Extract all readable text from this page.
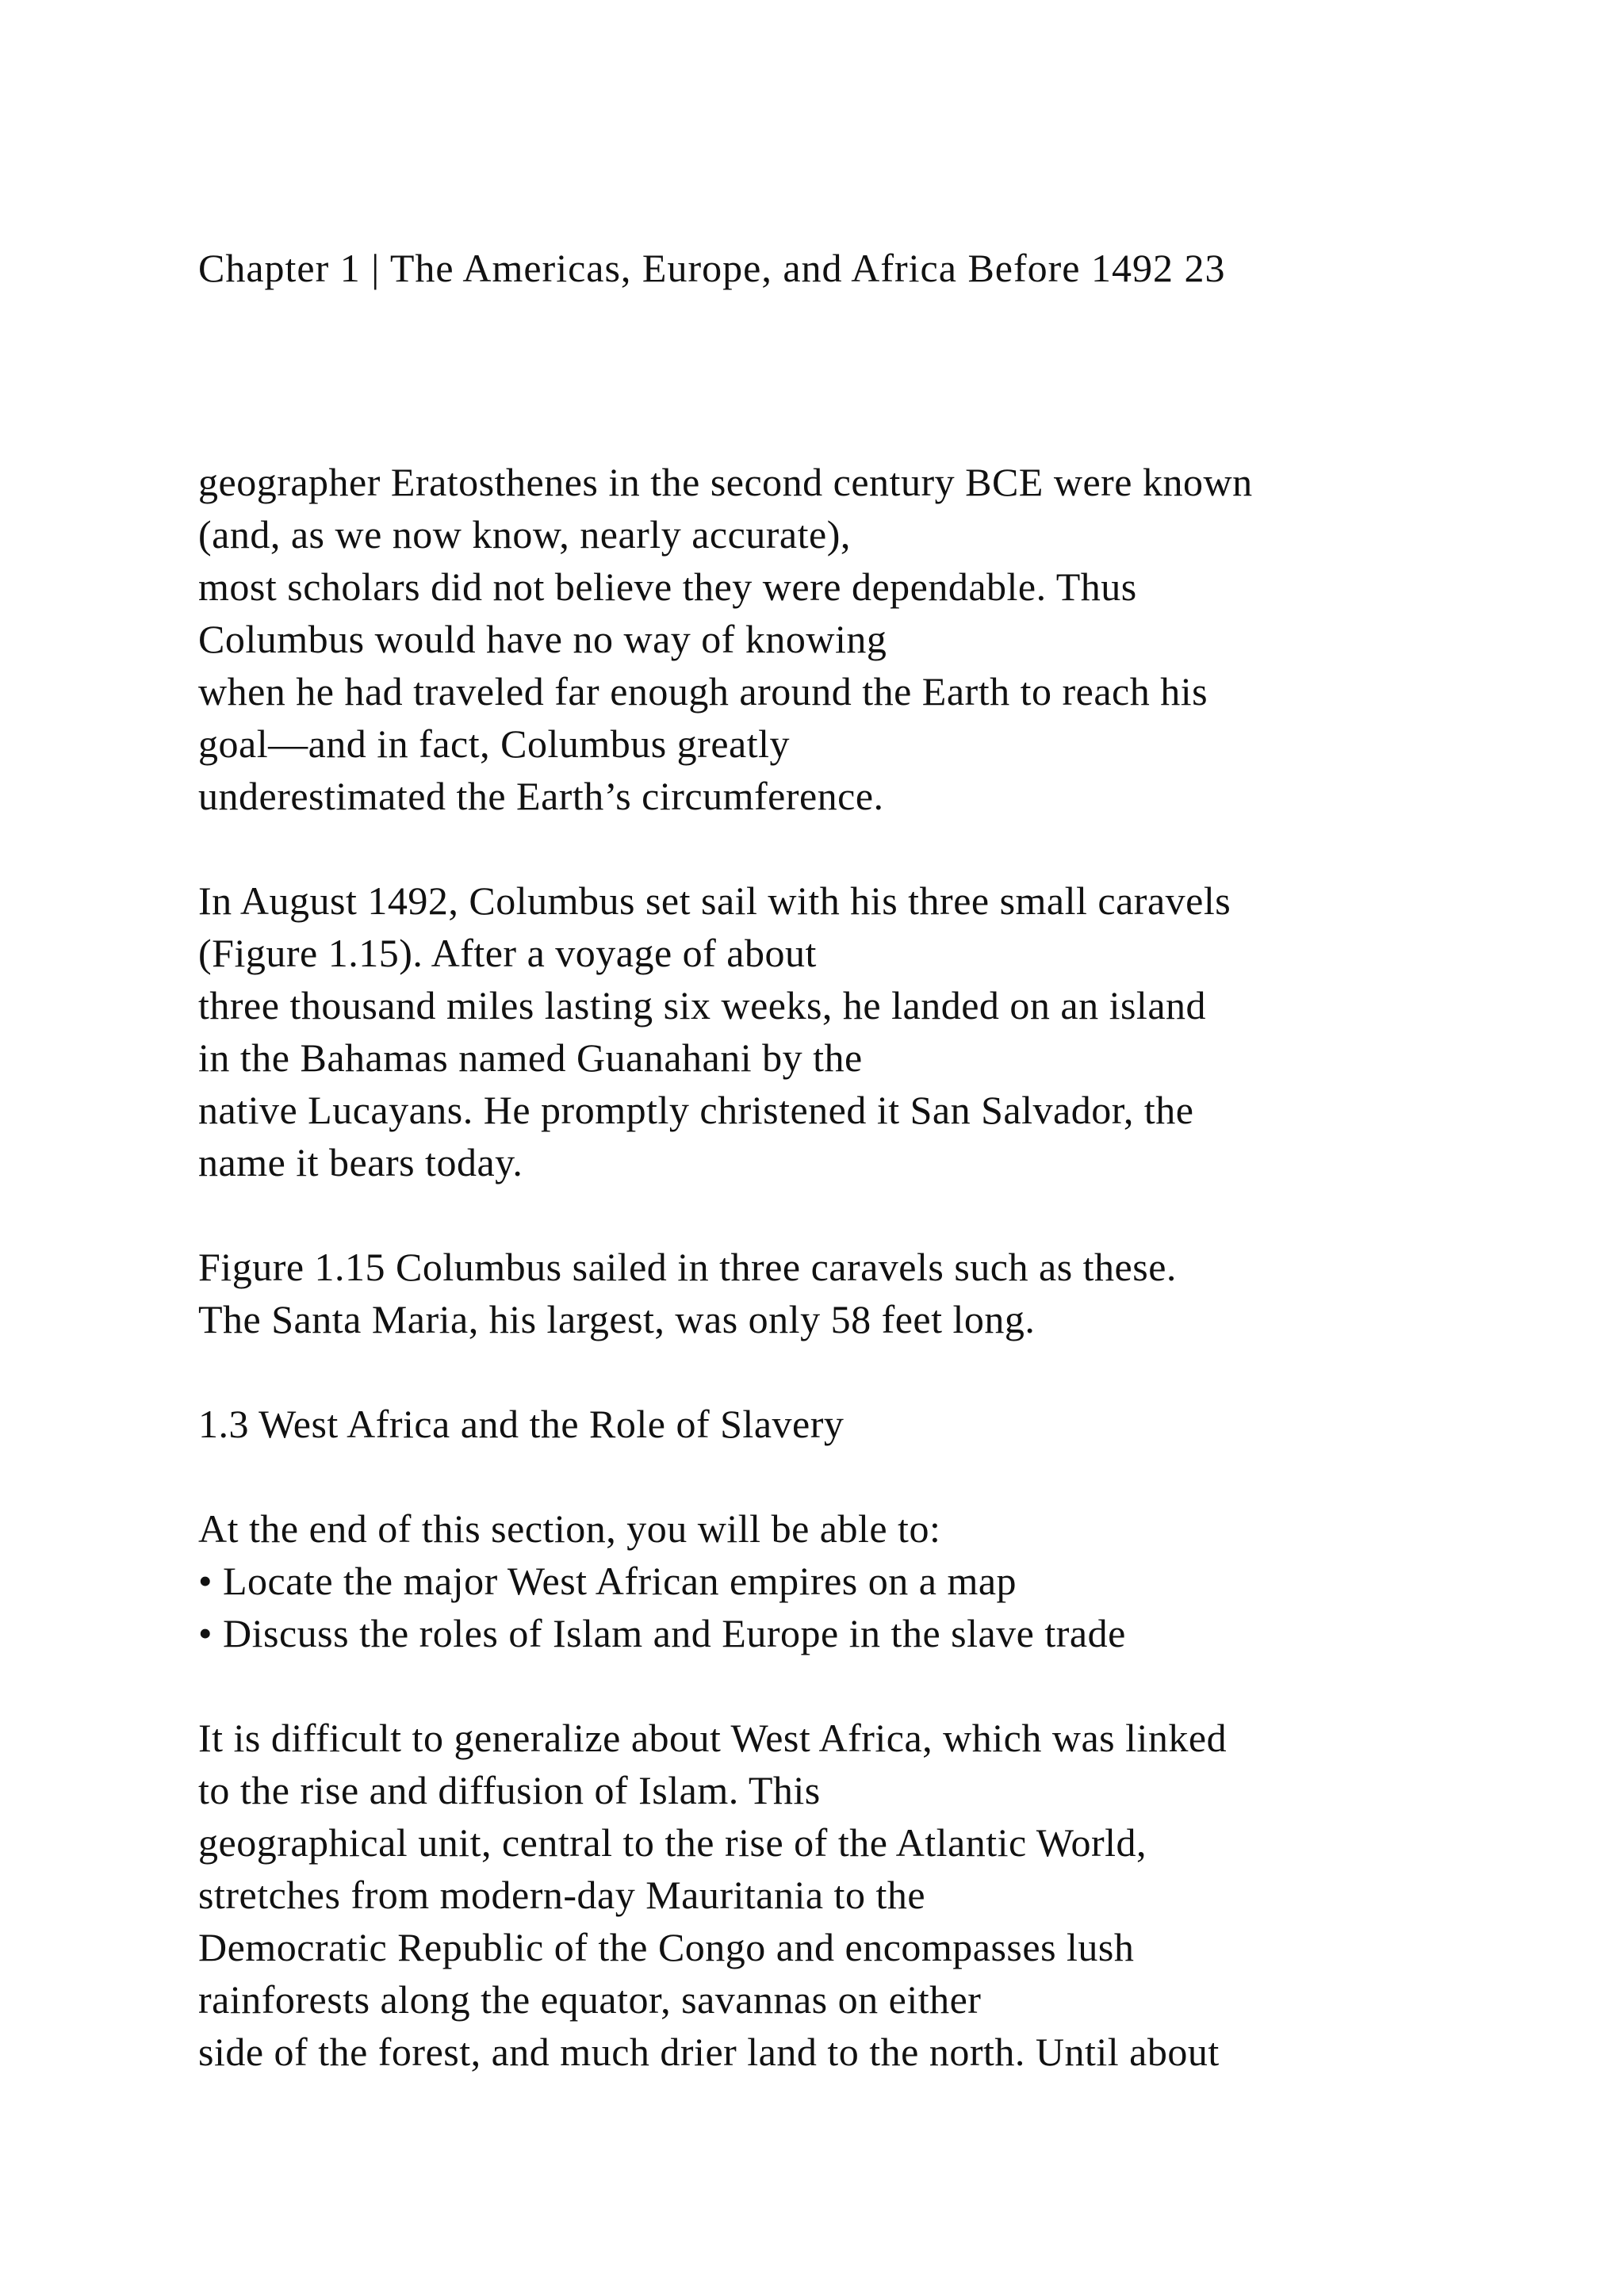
Chapter 1 | The Americas, Europe, and Africa Before 1492 23
geographer Eratosthenes in the second century BCE were known
(and, as we now know, nearly accurate),
most scholars did not believe they were dependable. Thus
Columbus would have no way of knowing
when he had traveled far enough around the Earth to reach his
goal—and in fact, Columbus greatly
underestimated the Earth’s circumference.
In August 1492, Columbus set sail with his three small caravels
(Figure 1.15). After a voyage of about
three thousand miles lasting six weeks, he landed on an island
in the Bahamas named Guanahani by the
native Lucayans. He promptly christened it San Salvador, the
name it bears today.
Figure 1.15 Columbus sailed in three caravels such as these.
The Santa Maria, his largest, was only 58 feet long.
1.3 West Africa and the Role of Slavery
At the end of this section, you will be able to:
• Locate the major West African empires on a map
• Discuss the roles of Islam and Europe in the slave trade
It is difficult to generalize about West Africa, which was linked
to the rise and diffusion of Islam. This
geographical unit, central to the rise of the Atlantic World,
stretches from modern-day Mauritania to the
Democratic Republic of the Congo and encompasses lush
rainforests along the equator, savannas on either
side of the forest, and much drier land to the north. Until about
